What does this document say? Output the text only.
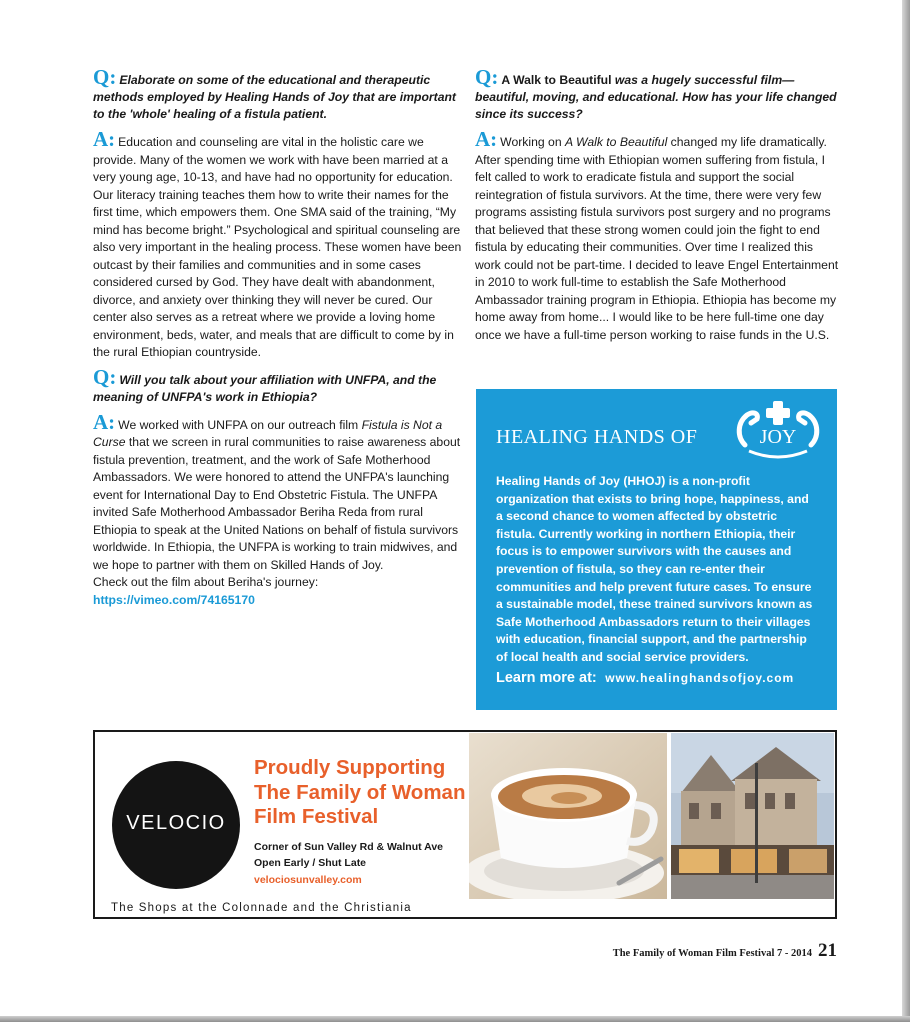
Q: Elaborate on some of the educational and therapeutic methods employed by Healing Hands of Joy that are important to the 'whole' healing of a fistula patient.

A: Education and counseling are vital in the holistic care we provide. Many of the women we work with have been married at a very young age, 10-13, and have had no opportunity for education. Our literacy training teaches them how to write their names for the first time, which empowers them. One SMA said of the training, “My mind has become bright.” Psychological and spiritual counseling are also very important in the healing process. These women have been outcast by their families and communities and in some cases considered cursed by God. They have dealt with abandonment, divorce, and anxiety over thinking they will never be cured. Our center also serves as a retreat where we provide a loving home environment, beds, water, and meals that are difficult to come by in the rural Ethiopian countryside.

Q: Will you talk about your affiliation with UNFPA, and the meaning of UNFPA's work in Ethiopia?

A: We worked with UNFPA on our outreach film Fistula is Not a Curse that we screen in rural communities to raise awareness about fistula prevention, treatment, and the work of Safe Motherhood Ambassadors. We were honored to attend the UNFPA's launching event for International Day to End Obstetric Fistula. The UNFPA invited Safe Motherhood Ambassador Beriha Reda from rural Ethiopia to speak at the United Nations on behalf of fistula survivors worldwide. In Ethiopia, the UNFPA is working to train midwives, and we hope to partner with them on Skilled Hands of Joy.
Check out the film about Beriha's journey:
https://vimeo.com/74165170

Q: A Walk to Beautiful was a hugely successful film—beautiful, moving, and educational. How has your life changed since its success?

A: Working on A Walk to Beautiful changed my life dramatically. After spending time with Ethiopian women suffering from fistula, I felt called to work to eradicate fistula and support the social reintegration of fistula survivors. At the time, there were very few programs assisting fistula survivors post surgery and no programs that believed that these strong women could join the fight to end fistula by educating their communities. Over time I realized this work could not be part-time. I decided to leave Engel Entertainment in 2010 to work full-time to establish the Safe Motherhood Ambassador training program in Ethiopia. Ethiopia has become my home away from home... I would like to be here full-time one day once we have a full-time person working to raise funds in the U.S.

HEALING HANDS OF	JOY
Healing Hands of Joy (HHOJ) is a non-profit organization that exists to bring hope, happiness, and a second chance to women affected by obstetric fistula. Currently working in northern Ethiopia, their focus is to empower survivors with the causes and prevention of fistula, so they can re-enter their communities and help prevent future cases. To ensure a sustainable model, these trained survivors known as Safe Motherhood Ambassadors return to their villages with education, financial support, and the partnership of local health and social service providers.
Learn more at: www.healinghandsofjoy.com
VELOCIO
Proudly Supporting
The Family of Woman
Film Festival
Corner of Sun Valley Rd & Walnut Ave
Open Early / Shut Late
velociosunvalley.com
The Shops at the Colonnade and the Christiania
The Family of Woman Film Festival 7 - 2014 21
